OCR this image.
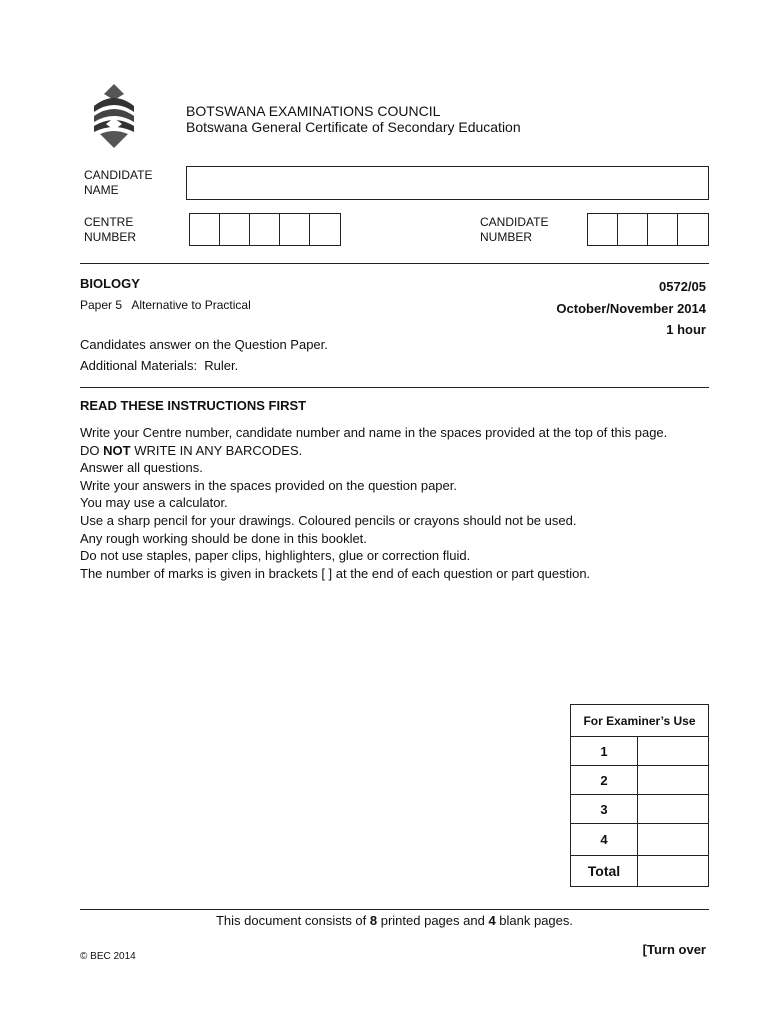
BOTSWANA EXAMINATIONS COUNCIL
Botswana General Certificate of Secondary Education
CANDIDATE
NAME
CENTRE
NUMBER
CANDIDATE
NUMBER
BIOLOGY
Paper 5   Alternative to Practical
0572/05
October/November 2014
1 hour
Candidates answer on the Question Paper.
Additional Materials:  Ruler.
READ THESE INSTRUCTIONS FIRST
Write your Centre number, candidate number and name in the spaces provided at the top of this page.
DO NOT WRITE IN ANY BARCODES.
Answer all questions.
Write your answers in the spaces provided on the question paper.
You may use a calculator.
Use a sharp pencil for your drawings. Coloured pencils or crayons should not be used.
Any rough working should be done in this booklet.
Do not use staples, paper clips, highlighters, glue or correction fluid.
The number of marks is given in brackets [ ] at the end of each question or part question.
For Examiner’s Use	
1	
2	
3	
4	
Total	
This document consists of 8 printed pages and 4 blank pages.
[Turn over
© BEC 2014
